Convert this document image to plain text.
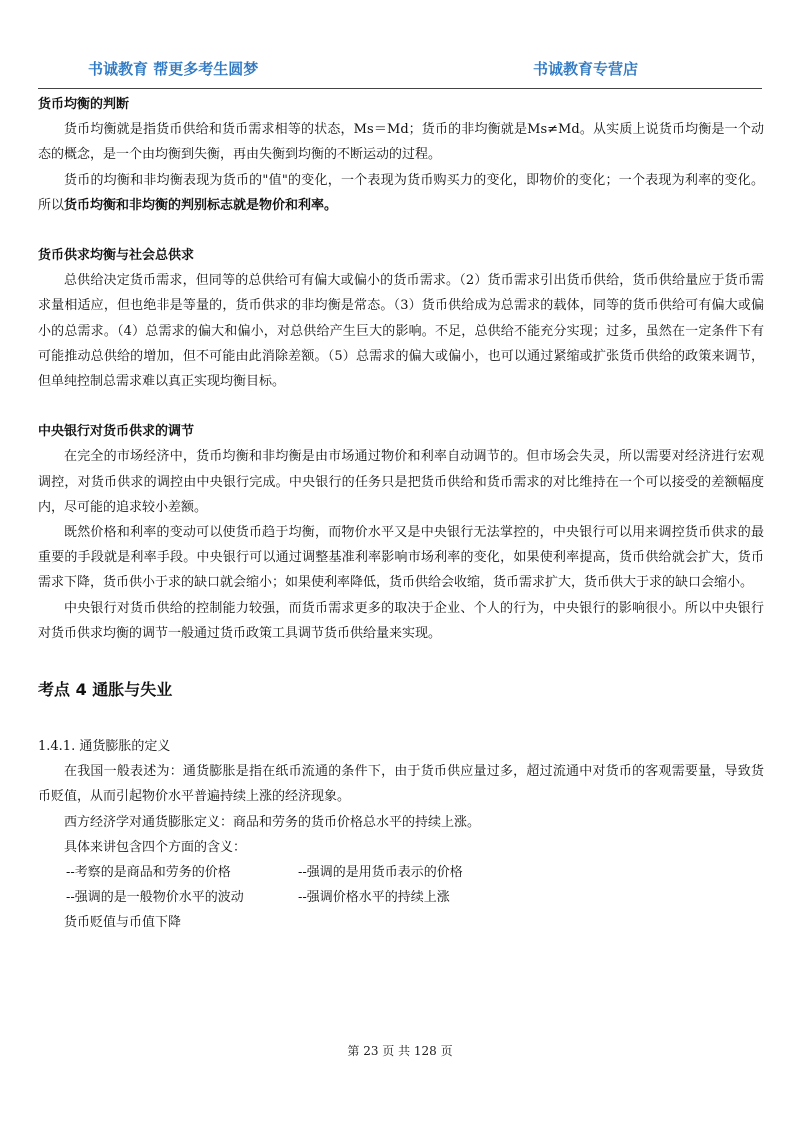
书诚教育 帮更多考生圆梦	书诚教育专营店

货币均衡的判断

货币均衡就是指货币供给和货币需求相等的状态，Ms＝Md；货币的非均衡就是Ms≠Md。从实质上说货币均衡是一个动态的概念，是一个由均衡到失衡，再由失衡到均衡的不断运动的过程。

货币的均衡和非均衡表现为货币的"值"的变化，一个表现为货币购买力的变化，即物价的变化；一个表现为利率的变化。所以货币均衡和非均衡的判别标志就是物价和利率。

货币供求均衡与社会总供求

总供给决定货币需求，但同等的总供给可有偏大或偏小的货币需求。（2）货币需求引出货币供给，货币供给量应于货币需求量相适应，但也绝非是等量的，货币供求的非均衡是常态。（3）货币供给成为总需求的载体，同等的货币供给可有偏大或偏小的总需求。（4）总需求的偏大和偏小，对总供给产生巨大的影响。不足，总供给不能充分实现；过多，虽然在一定条件下有可能推动总供给的增加，但不可能由此消除差额。（5）总需求的偏大或偏小，也可以通过紧缩或扩张货币供给的政策来调节，但单纯控制总需求难以真正实现均衡目标。

中央银行对货币供求的调节

在完全的市场经济中，货币均衡和非均衡是由市场通过物价和利率自动调节的。但市场会失灵，所以需要对经济进行宏观调控，对货币供求的调控由中央银行完成。中央银行的任务只是把货币供给和货币需求的对比维持在一个可以接受的差额幅度内，尽可能的追求较小差额。

既然价格和利率的变动可以使货币趋于均衡，而物价水平又是中央银行无法掌控的，中央银行可以用来调控货币供求的最重要的手段就是利率手段。中央银行可以通过调整基准利率影响市场利率的变化，如果使利率提高，货币供给就会扩大，货币需求下降，货币供小于求的缺口就会缩小；如果使利率降低，货币供给会收缩，货币需求扩大，货币供大于求的缺口会缩小。

中央银行对货币供给的控制能力较强，而货币需求更多的取决于企业、个人的行为，中央银行的影响很小。所以中央银行对货币供求均衡的调节一般通过货币政策工具调节货币供给量来实现。

考点 4 通胀与失业

1.4.1. 通货膨胀的定义

在我国一般表述为：通货膨胀是指在纸币流通的条件下，由于货币供应量过多，超过流通中对货币的客观需要量，导致货币贬值，从而引起物价水平普遍持续上涨的经济现象。

西方经济学对通货膨胀定义：商品和劳务的货币价格总水平的持续上涨。

具体来讲包含四个方面的含义：

--考察的是商品和劳务的价格	--强调的是用货币表示的价格

--强调的是一般物价水平的波动	--强调价格水平的持续上涨

货币贬值与币值下降

第 23 页 共 128 页
